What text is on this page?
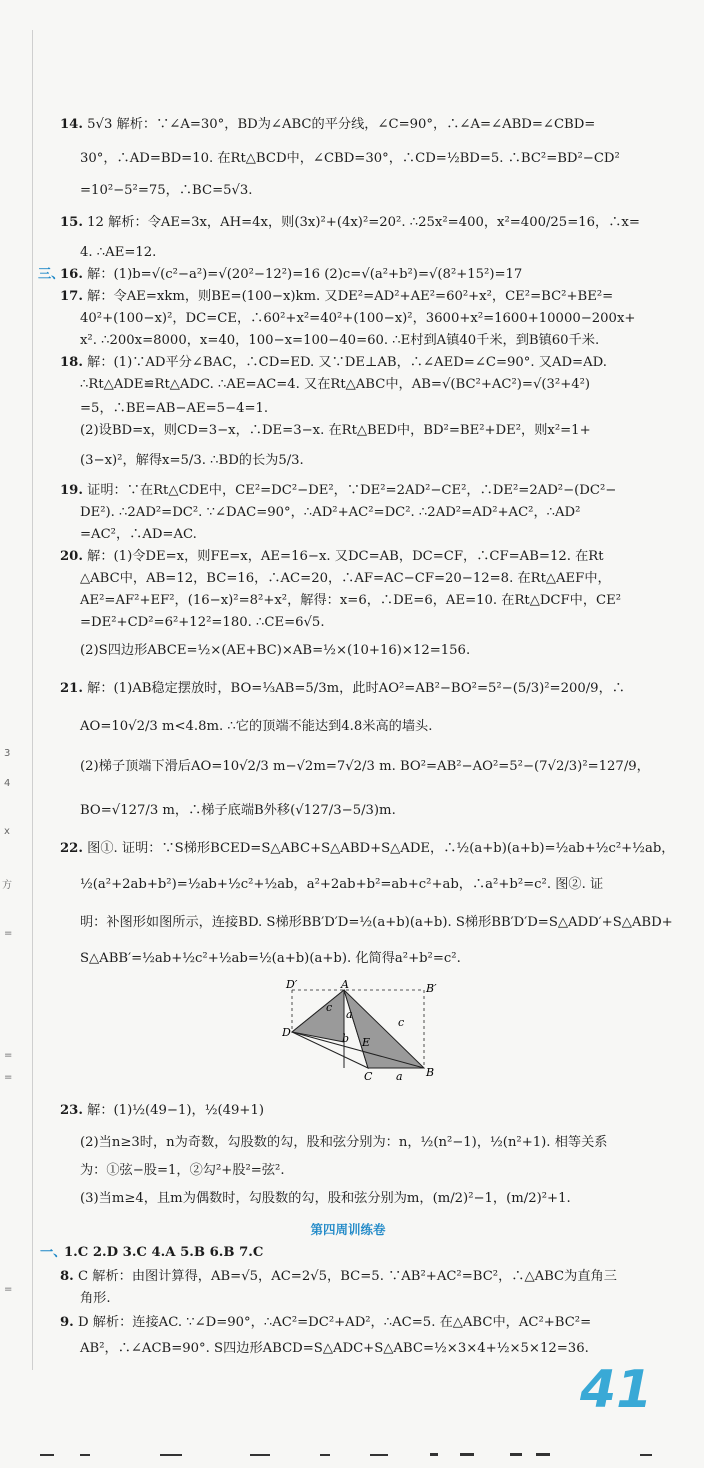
3
4
x
方
=
=
=
=
14. 5√3 解析：∵∠A=30°，BD为∠ABC的平分线，∠C=90°，∴∠A=∠ABD=∠CBD=
30°，∴AD=BD=10. 在Rt△BCD中，∠CBD=30°，∴CD=½BD=5. ∴BC²=BD²−CD²
=10²−5²=75，∴BC=5√3.
15. 12 解析：令AE=3x，AH=4x，则(3x)²+(4x)²=20². ∴25x²=400，x²=400/25=16，∴x=
4. ∴AE=12.
三、
16. 解：(1)b=√(c²−a²)=√(20²−12²)=16 (2)c=√(a²+b²)=√(8²+15²)=17
17. 解：令AE=xkm，则BE=(100−x)km. 又DE²=AD²+AE²=60²+x²，CE²=BC²+BE²=
40²+(100−x)²，DC=CE，∴60²+x²=40²+(100−x)²，3600+x²=1600+10000−200x+
x². ∴200x=8000，x=40，100−x=100−40=60. ∴E村到A镇40千米，到B镇60千米.
18. 解：(1)∵AD平分∠BAC，∴CD=ED. 又∵DE⊥AB，∴∠AED=∠C=90°. 又AD=AD.
∴Rt△ADE≌Rt△ADC. ∴AE=AC=4. 又在Rt△ABC中，AB=√(BC²+AC²)=√(3²+4²)
=5，∴BE=AB−AE=5−4=1.
(2)设BD=x，则CD=3−x，∴DE=3−x. 在Rt△BED中，BD²=BE²+DE²，则x²=1+
(3−x)²，解得x=5/3. ∴BD的长为5/3.
19. 证明：∵在Rt△CDE中，CE²=DC²−DE²，∵DE²=2AD²−CE²，∴DE²=2AD²−(DC²−
DE²). ∴2AD²=DC². ∵∠DAC=90°，∴AD²+AC²=DC². ∴2AD²=AD²+AC²，∴AD²
=AC²，∴AD=AC.
20. 解：(1)令DE=x，则FE=x，AE=16−x. 又DC=AB，DC=CF，∴CF=AB=12. 在Rt
△ABC中，AB=12，BC=16，∴AC=20，∴AF=AC−CF=20−12=8. 在Rt△AEF中，
AE²=AF²+EF²，(16−x)²=8²+x²，解得：x=6，∴DE=6，AE=10. 在Rt△DCF中，CE²
=DE²+CD²=6²+12²=180. ∴CE=6√5.
(2)S四边形ABCE=½×(AE+BC)×AB=½×(10+16)×12=156.
21. 解：(1)AB稳定摆放时，BO=⅓AB=5/3m，此时AO²=AB²−BO²=5²−(5/3)²=200/9，∴
AO=10√2/3 m<4.8m. ∴它的顶端不能达到4.8米高的墙头.
(2)梯子顶端下滑后AO=10√2/3 m−√2m=7√2/3 m. BO²=AB²−AO²=5²−(7√2/3)²=127/9，
BO=√127/3 m，∴梯子底端B外移(√127/3−5/3)m.
22. 图①. 证明：∵S梯形BCED=S△ABC+S△ABD+S△ADE，∴½(a+b)(a+b)=½ab+½c²+½ab，
½(a²+2ab+b²)=½ab+½c²+½ab，a²+2ab+b²=ab+c²+ab，∴a²+b²=c². 图②. 证
明：补图形如图所示，连接BD. S梯形BB′D′D=½(a+b)(a+b). S梯形BB′D′D=S△ADD′+S△ABD+
S△ABB′=½ab+½c²+½ab=½(a+b)(a+b). 化简得a²+b²=c².
23. 解：(1)½(49−1)，½(49+1)
(2)当n≥3时，n为奇数，勾股数的勾，股和弦分别为：n，½(n²−1)，½(n²+1). 相等关系
为：①弦−股=1，②勾²+股²=弦².
(3)当m≥4，且m为偶数时，勾股数的勾，股和弦分别为m，(m/2)²−1，(m/2)²+1.
第四周训练卷
一、
1.C 2.D 3.C 4.A 5.B 6.B 7.C
8. C 解析：由图计算得，AB=√5，AC=2√5，BC=5. ∵AB²+AC²=BC²，∴△ABC为直角三
角形.
9. D 解析：连接AC. ∵∠D=90°，∴AC²=DC²+AD²，∴AC=5. 在△ABC中，AC²+BC²=
AB²，∴∠ACB=90°. S四边形ABCD=S△ADC+S△ABC=½×3×4+½×5×12=36.
D′	A	B′
D
B
C
E
c
c
a
a
b
41
